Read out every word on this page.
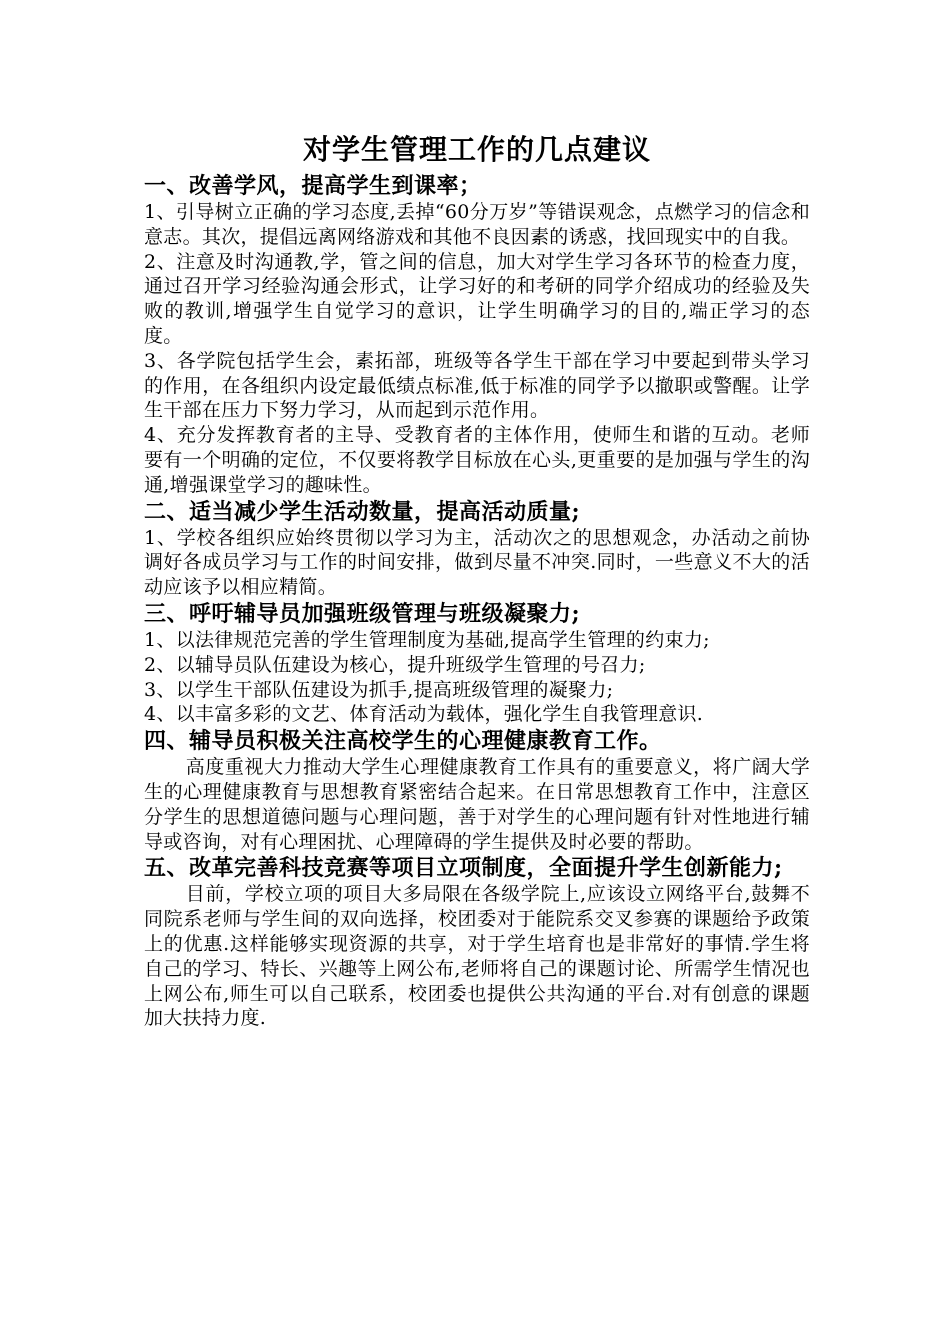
对学生管理工作的几点建议
一、改善学风，提高学生到课率；

1、引导树立正确的学习态度,丢掉“60分万岁”等错误观念，点燃学习的信念和意志。其次，提倡远离网络游戏和其他不良因素的诱惑，找回现实中的自我。

2、注意及时沟通教,学，管之间的信息，加大对学生学习各环节的检查力度，通过召开学习经验沟通会形式，让学习好的和考研的同学介绍成功的经验及失败的教训,增强学生自觉学习的意识，让学生明确学习的目的,端正学习的态度。

3、各学院包括学生会，素拓部，班级等各学生干部在学习中要起到带头学习的作用，在各组织内设定最低绩点标准,低于标准的同学予以撤职或警醒。让学生干部在压力下努力学习，从而起到示范作用。

4、充分发挥教育者的主导、受教育者的主体作用，使师生和谐的互动。老师要有一个明确的定位，不仅要将教学目标放在心头,更重要的是加强与学生的沟通,增强课堂学习的趣味性。

二、适当减少学生活动数量，提高活动质量;

1、学校各组织应始终贯彻以学习为主，活动次之的思想观念，办活动之前协调好各成员学习与工作的时间安排，做到尽量不冲突.同时，一些意义不大的活动应该予以相应精简。

三、呼吁辅导员加强班级管理与班级凝聚力;

1、以法律规范完善的学生管理制度为基础,提高学生管理的约束力;

2、以辅导员队伍建设为核心，提升班级学生管理的号召力;

3、以学生干部队伍建设为抓手,提高班级管理的凝聚力;

4、以丰富多彩的文艺、体育活动为载体，强化学生自我管理意识.

四、辅导员积极关注高校学生的心理健康教育工作。

高度重视大力推动大学生心理健康教育工作具有的重要意义，将广阔大学生的心理健康教育与思想教育紧密结合起来。在日常思想教育工作中，注意区分学生的思想道德问题与心理问题，善于对学生的心理问题有针对性地进行辅导或咨询，对有心理困扰、心理障碍的学生提供及时必要的帮助。

五、改革完善科技竞赛等项目立项制度，全面提升学生创新能力;

目前，学校立项的项目大多局限在各级学院上,应该设立网络平台,鼓舞不同院系老师与学生间的双向选择，校团委对于能院系交叉参赛的课题给予政策上的优惠.这样能够实现资源的共享，对于学生培育也是非常好的事情.学生将自己的学习、特长、兴趣等上网公布,老师将自己的课题讨论、所需学生情况也上网公布,师生可以自己联系，校团委也提供公共沟通的平台.对有创意的课题加大扶持力度.
